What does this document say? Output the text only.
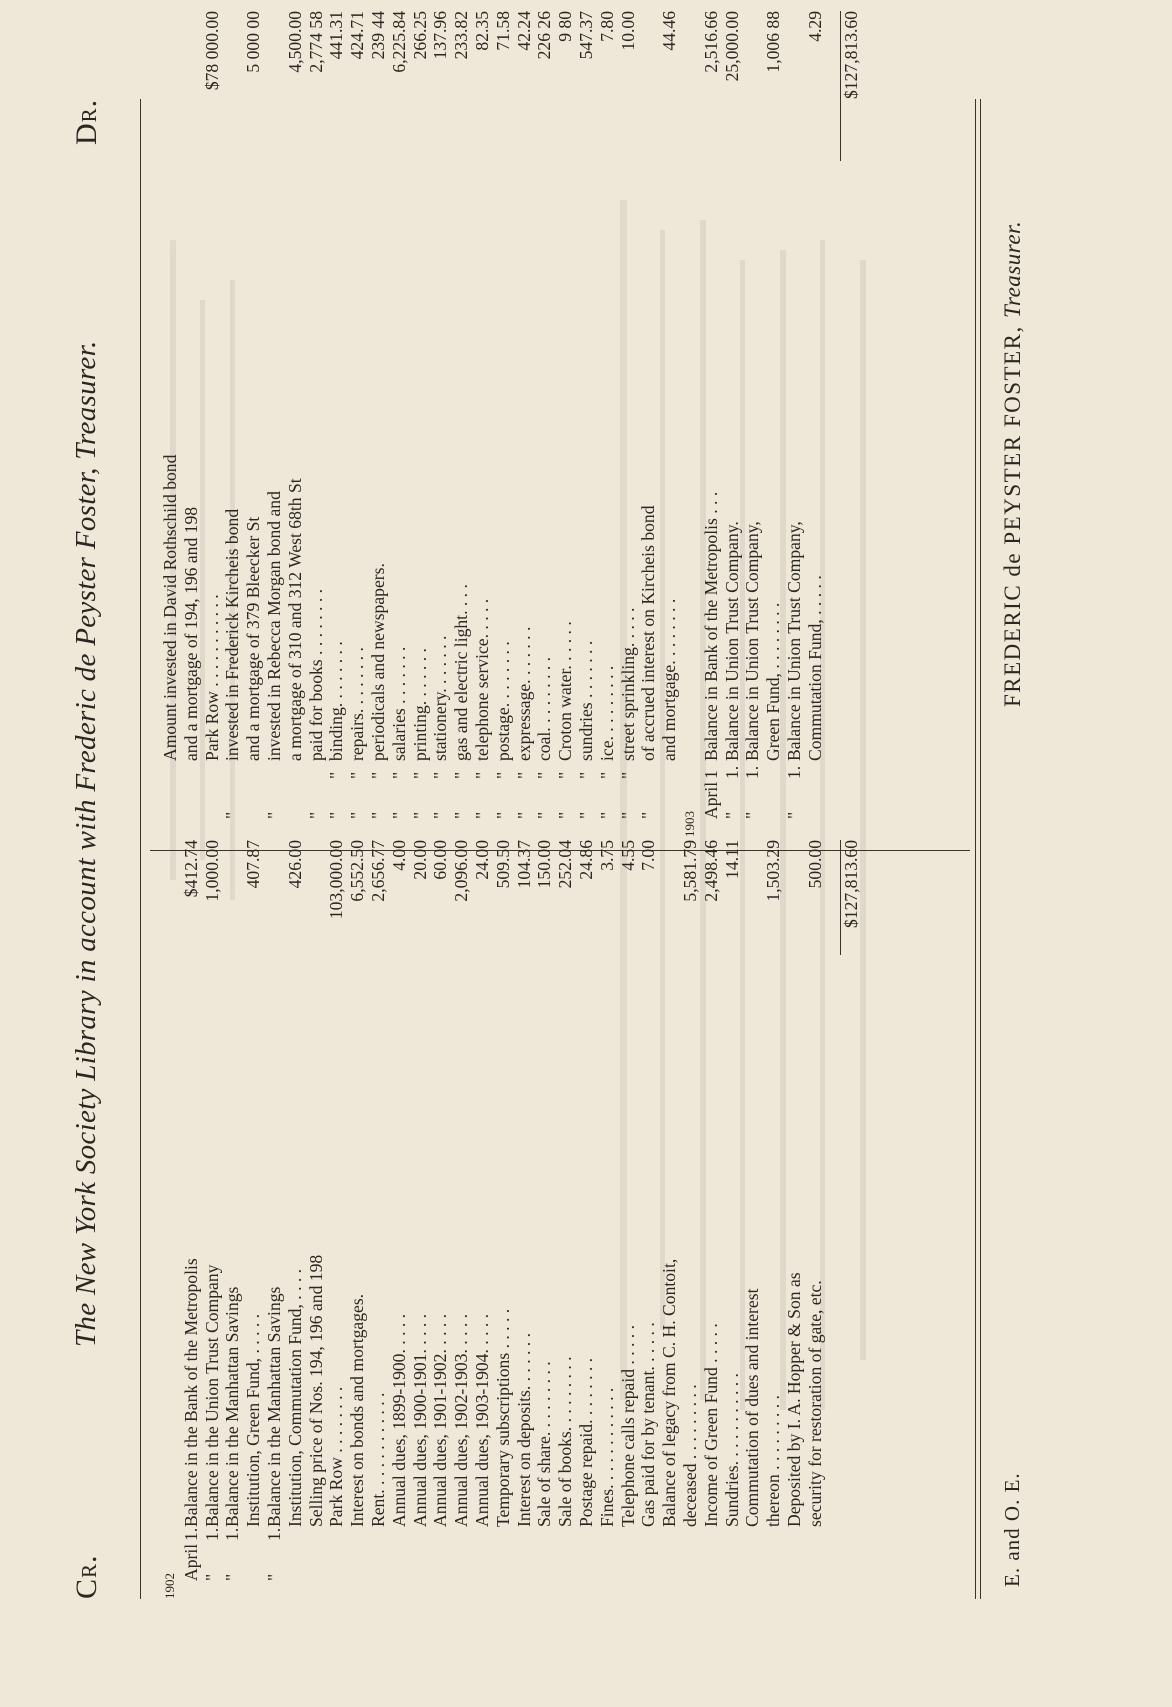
Cr.
The New York Society Library in account with Frederic de Peyster Foster, Treasurer.
Dr.
1902
April
1.
Balance in the Bank of the Metropolis
$412.74
"
1.
Balance in the Union Trust Company
1,000.00
"
1.
Balance in the Manhattan Savings Institution, Green Fund, . . . . .
407.87
"
1.
Balance in the Manhattan Savings Institution, Commutation Fund, . . . .
426.00
Selling price of Nos. 194, 196 and 198 Park Row . . . . . . . .
103,000.00
Interest on bonds and mortgages.
6,552.50
Rent. . . . . . . . . . . .
2,656.77
Annual dues, 1899-1900. . . . .
4.00
Annual dues, 1900-1901. . . . .
20.00
Annual dues, 1901-1902. . . . .
60.00
Annual dues, 1902-1903. . . . .
2,096.00
Annual dues, 1903-1904. . . . .
24.00
Temporary subscriptions . . . . .
509.50
Interest on deposits. . . . . . .
104.37
Sale of share. . . . . . . . .
150.00
Sale of books. . . . . . . . .
252.04
Postage repaid. . . . . . . .
24.86
Fines. . . . . . . . . . . .
3.75
Telephone calls repaid . . . . .
4.55
Gas paid for by tenant. . . . . .
7.00
Balance of legacy from C. H. Contoit, deceased . . . . . . . . .
5,581.79
Income of Green Fund . . . . .
2,498.46
Sundries. . . . . . . . . . .
14.11
Commutation of dues and interest thereon . . . . . . . . .
1,503.29
Deposited by I. A. Hopper & Son as security for restoration of gate, etc.
500.00 $127,813.60
Amount invested in David Rothschild bond and a mortgage of 194, 196 and 198 Park Row . . . . . . . . . . .
$78 000.00
"
invested in Frederick Kircheis bond and a mortgage of 379 Bleecker St
5 000 00
"
invested in Rebecca Morgan bond and a mortgage of 310 and 312 West 68th St
4,500.00
"
paid for books . . . . . . . .
2,774 58
"
"
binding. . . . . . . .
441.31
"
"
repairs. . . . . . . .
424.71
"
"
periodicals and newspapers.
239 44
"
"
salaries . . . . . . .
6,225.84
"
"
printing. . . . . . .
266.25
"
"
stationery. . . . . . .
137.96
"
"
gas and electric light. . . .
233.82
"
"
telephone service. . . . .
82.35
"
"
postage. . . . . . . .
71.58
"
"
expressage. . . . . . .
42.24
"
"
coal. . . . . . . . .
226 26
"
"
Croton water. . . . . .
9 80
"
"
sundries . . . . . . .
547.37
"
"
ice. . . . . . . . .
7.80
"
"
street sprinkling. . . . .
10.00
"
of accrued interest on Kircheis bond and mortgage. . . . . . . .
44.46
1903
April
1
Balance in Bank of the Metropolis . . .
2,516.66
"
1.
Balance in Union Trust Company.
25,000.00
"
1.
Balance in Union Trust Company, Green Fund, . . . . . . . .
1,006 88
"
1.
Balance in Union Trust Company, Commutation Fund, . . . . .
4.29 $127,813.60
E. and O. E.
FREDERIC de PEYSTER FOSTER, Treasurer.
